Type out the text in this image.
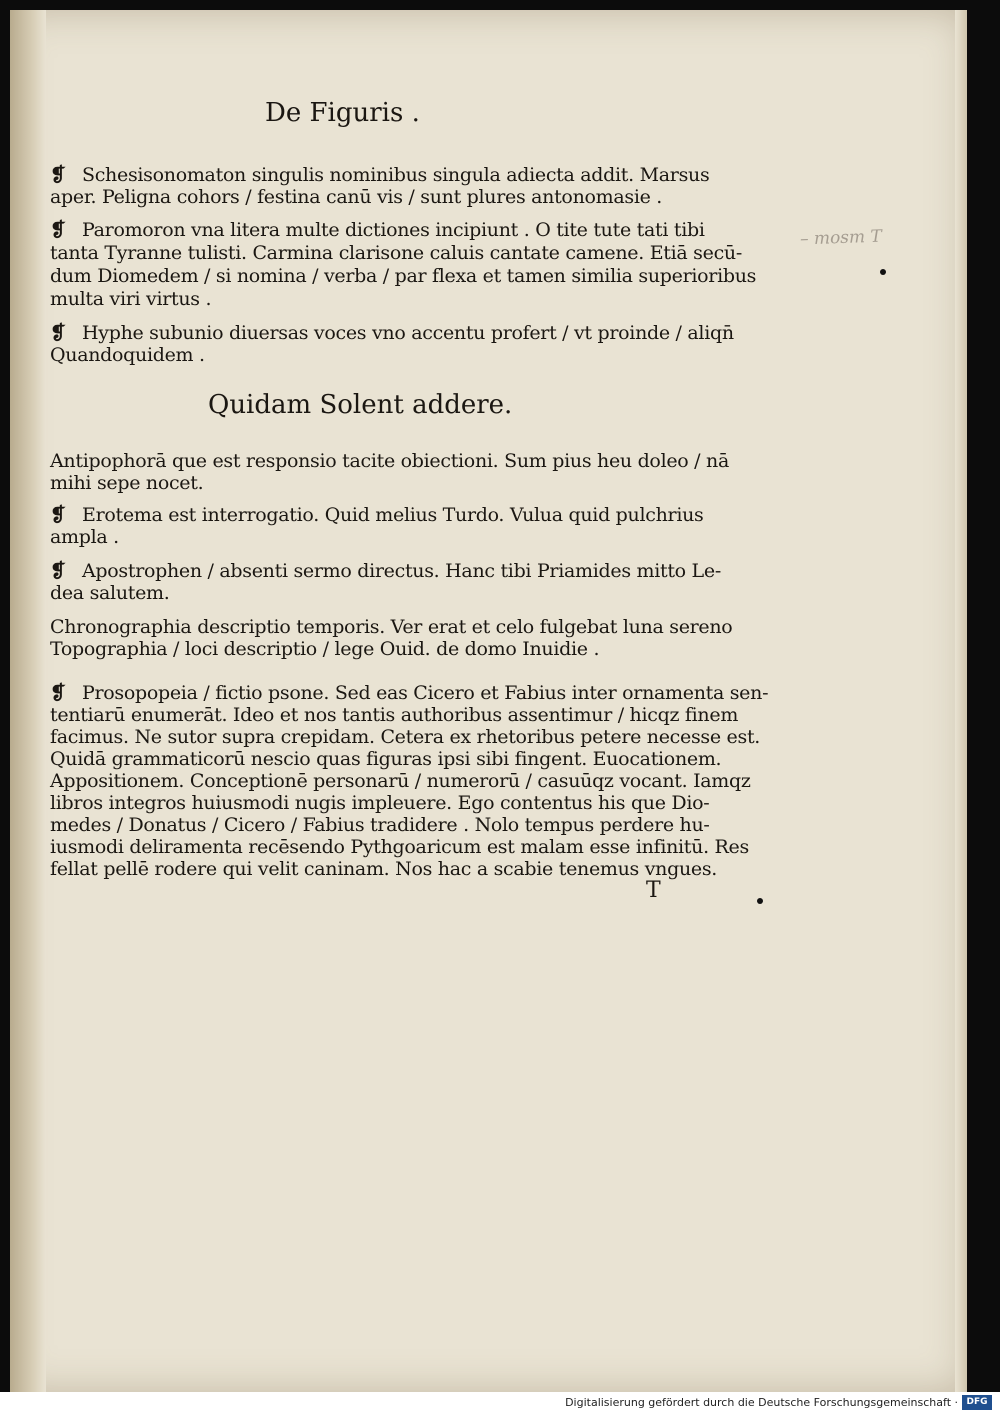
De Figuris .

❡ Schesisonomaton singulis nominibus singula adiecta addit. Marsus

aper. Peligna cohors / festina canū vis / sunt plures antonomasie .

❡ Paromoron vna litera multe dictiones incipiunt . O tite tute tati tibi

tanta Tyranne tulisti. Carmina clarisone caluis cantate camene. Etiā secū-

dum Diomedem / si nomina / verba / par flexa et tamen similia superioribus

multa viri virtus .

❡ Hyphe subunio diuersas voces vno accentu profert / vt proinde / aliqn̄

Quandoquidem .

Quidam Solent addere.

Antipophorā que est responsio tacite obiectioni. Sum pius heu doleo / nā

mihi sepe nocet.

❡ Erotema est interrogatio. Quid melius Turdo. Vulua quid pulchrius

ampla .

❡ Apostrophen / absenti sermo directus. Hanc tibi Priamides mitto Le-

dea salutem.

Chronographia descriptio temporis. Ver erat et celo fulgebat luna sereno

Topographia / loci descriptio / lege Ouid. de domo Inuidie .

❡ Prosopopeia / fictio psone. Sed eas Cicero et Fabius inter ornamenta sen-

tentiarū enumerāt. Ideo et nos tantis authoribus assentimur / hicqz finem

facimus. Ne sutor supra crepidam. Cetera ex rhetoribus petere necesse est.

Quidā grammaticorū nescio quas figuras ipsi sibi fingent. Euocationem.

Appositionem. Conceptionē personarū / numerorū / casuūqz vocant. Iamqz

libros integros huiusmodi nugis impleuere. Ego contentus his que Dio-

medes / Donatus / Cicero / Fabius tradidere . Nolo tempus perdere hu-

iusmodi deliramenta recēsendo Pythgoaricum est malam esse infinitū. Res

fellat pellē rodere qui velit caninam. Nos hac a scabie tenemus vngues.

T

– mosm T
Digitalisierung gefördert durch die Deutsche Forschungsgemeinschaft · DFG
